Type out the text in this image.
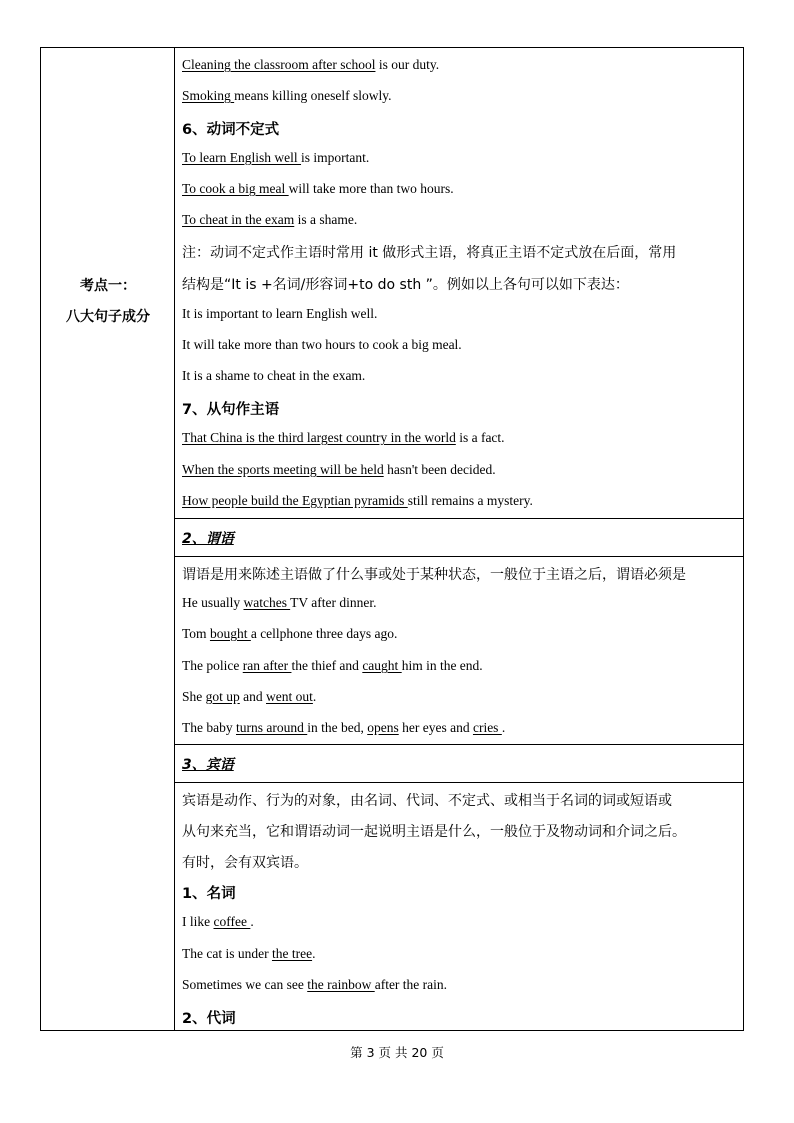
考点一：
八大句子成分
Cleaning the classroom after school is our duty.
Smoking means killing oneself slowly.
6、动词不定式
To learn English well is important.
To cook a big meal will take more than two hours.
To cheat in the exam is a shame.
注：动词不定式作主语时常用 it 做形式主语，将真正主语不定式放在后面，常用
结构是“It is +名词/形容词+to do sth ”。例如以上各句可以如下表达：
It is important to learn English well.
It will take more than two hours to cook a big meal.
It is a shame to cheat in the exam.
7、从句作主语
That China is the third largest country in the world is a fact.
When the sports meeting will be held hasn't been decided.
How people build the Egyptian pyramids still remains a mystery.
2、谓语
谓语是用来陈述主语做了什么事或处于某种状态，一般位于主语之后，谓语必须是
He usually watches TV after dinner.
Tom bought a cellphone three days ago.
The police ran after the thief and caught him in the end.
She got up and went out.
The baby turns around in the bed, opens her eyes and cries .
3、宾语
宾语是动作、行为的对象，由名词、代词、不定式、或相当于名词的词或短语或
从句来充当，它和谓语动词一起说明主语是什么，一般位于及物动词和介词之后。
有时，会有双宾语。
1、名词
I like coffee .
The cat is under the tree.
Sometimes we can see the rainbow after the rain.
2、代词
第 3 页 共 20 页
